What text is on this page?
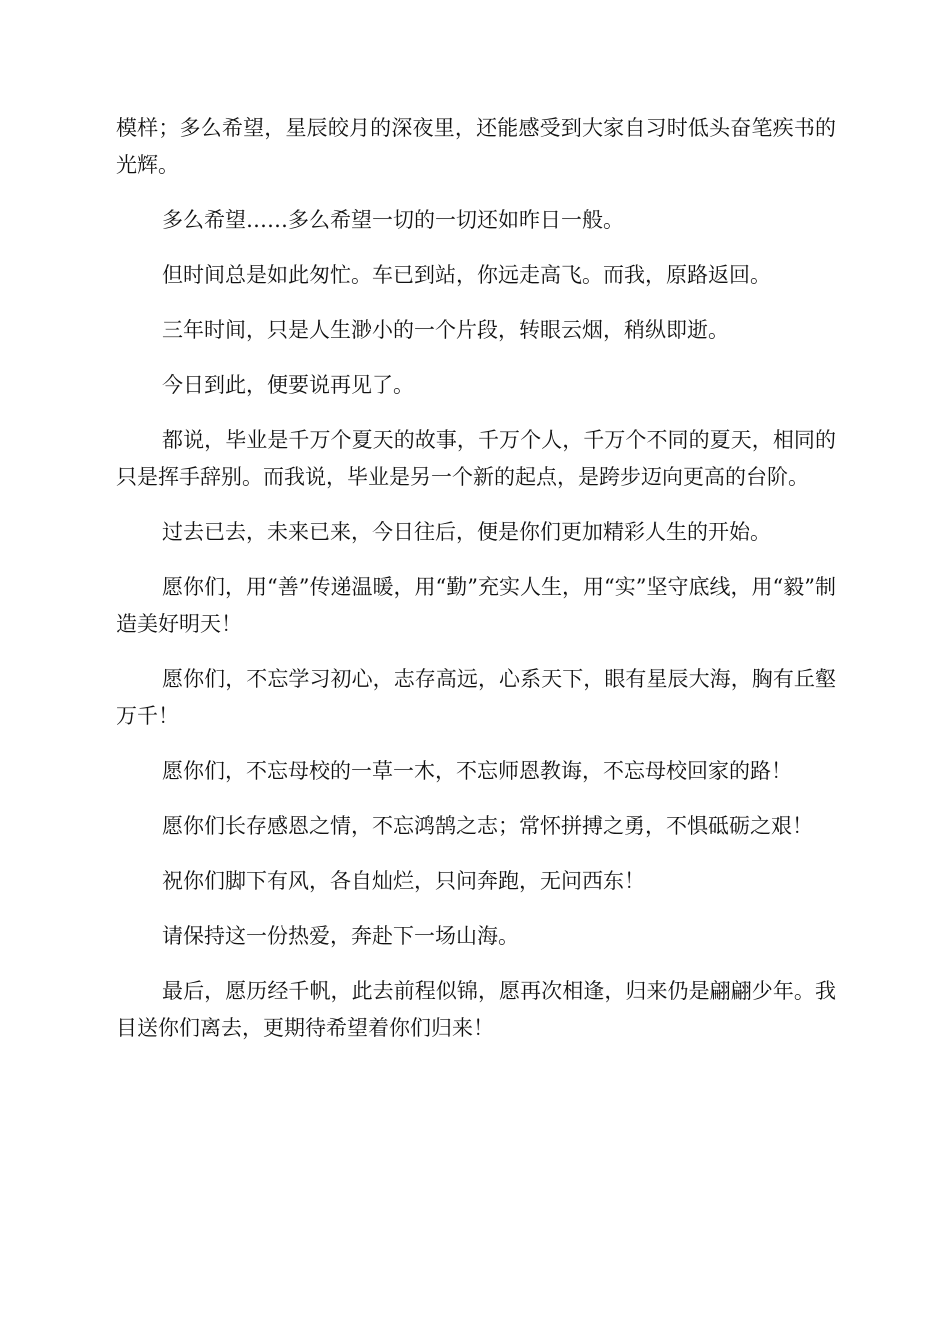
模样；多么希望，星辰皎月的深夜里，还能感受到大家自习时低头奋笔疾书的光辉。

多么希望……多么希望一切的一切还如昨日一般。

但时间总是如此匆忙。车已到站，你远走高飞。而我，原路返回。

三年时间，只是人生渺小的一个片段，转眼云烟，稍纵即逝。

今日到此，便要说再见了。

都说，毕业是千万个夏天的故事，千万个人，千万个不同的夏天，相同的只是挥手辞别。而我说，毕业是另一个新的起点，是跨步迈向更高的台阶。

过去已去，未来已来，今日往后，便是你们更加精彩人生的开始。

愿你们，用“善”传递温暖，用“勤”充实人生，用“实”坚守底线，用“毅”制造美好明天！

愿你们，不忘学习初心，志存高远，心系天下，眼有星辰大海，胸有丘壑万千！

愿你们，不忘母校的一草一木，不忘师恩教诲，不忘母校回家的路！

愿你们长存感恩之情，不忘鸿鹄之志；常怀拼搏之勇，不惧砥砺之艰！

祝你们脚下有风，各自灿烂，只问奔跑，无问西东！

请保持这一份热爱，奔赴下一场山海。

最后，愿历经千帆，此去前程似锦，愿再次相逢，归来仍是翩翩少年。我目送你们离去，更期待希望着你们归来！
